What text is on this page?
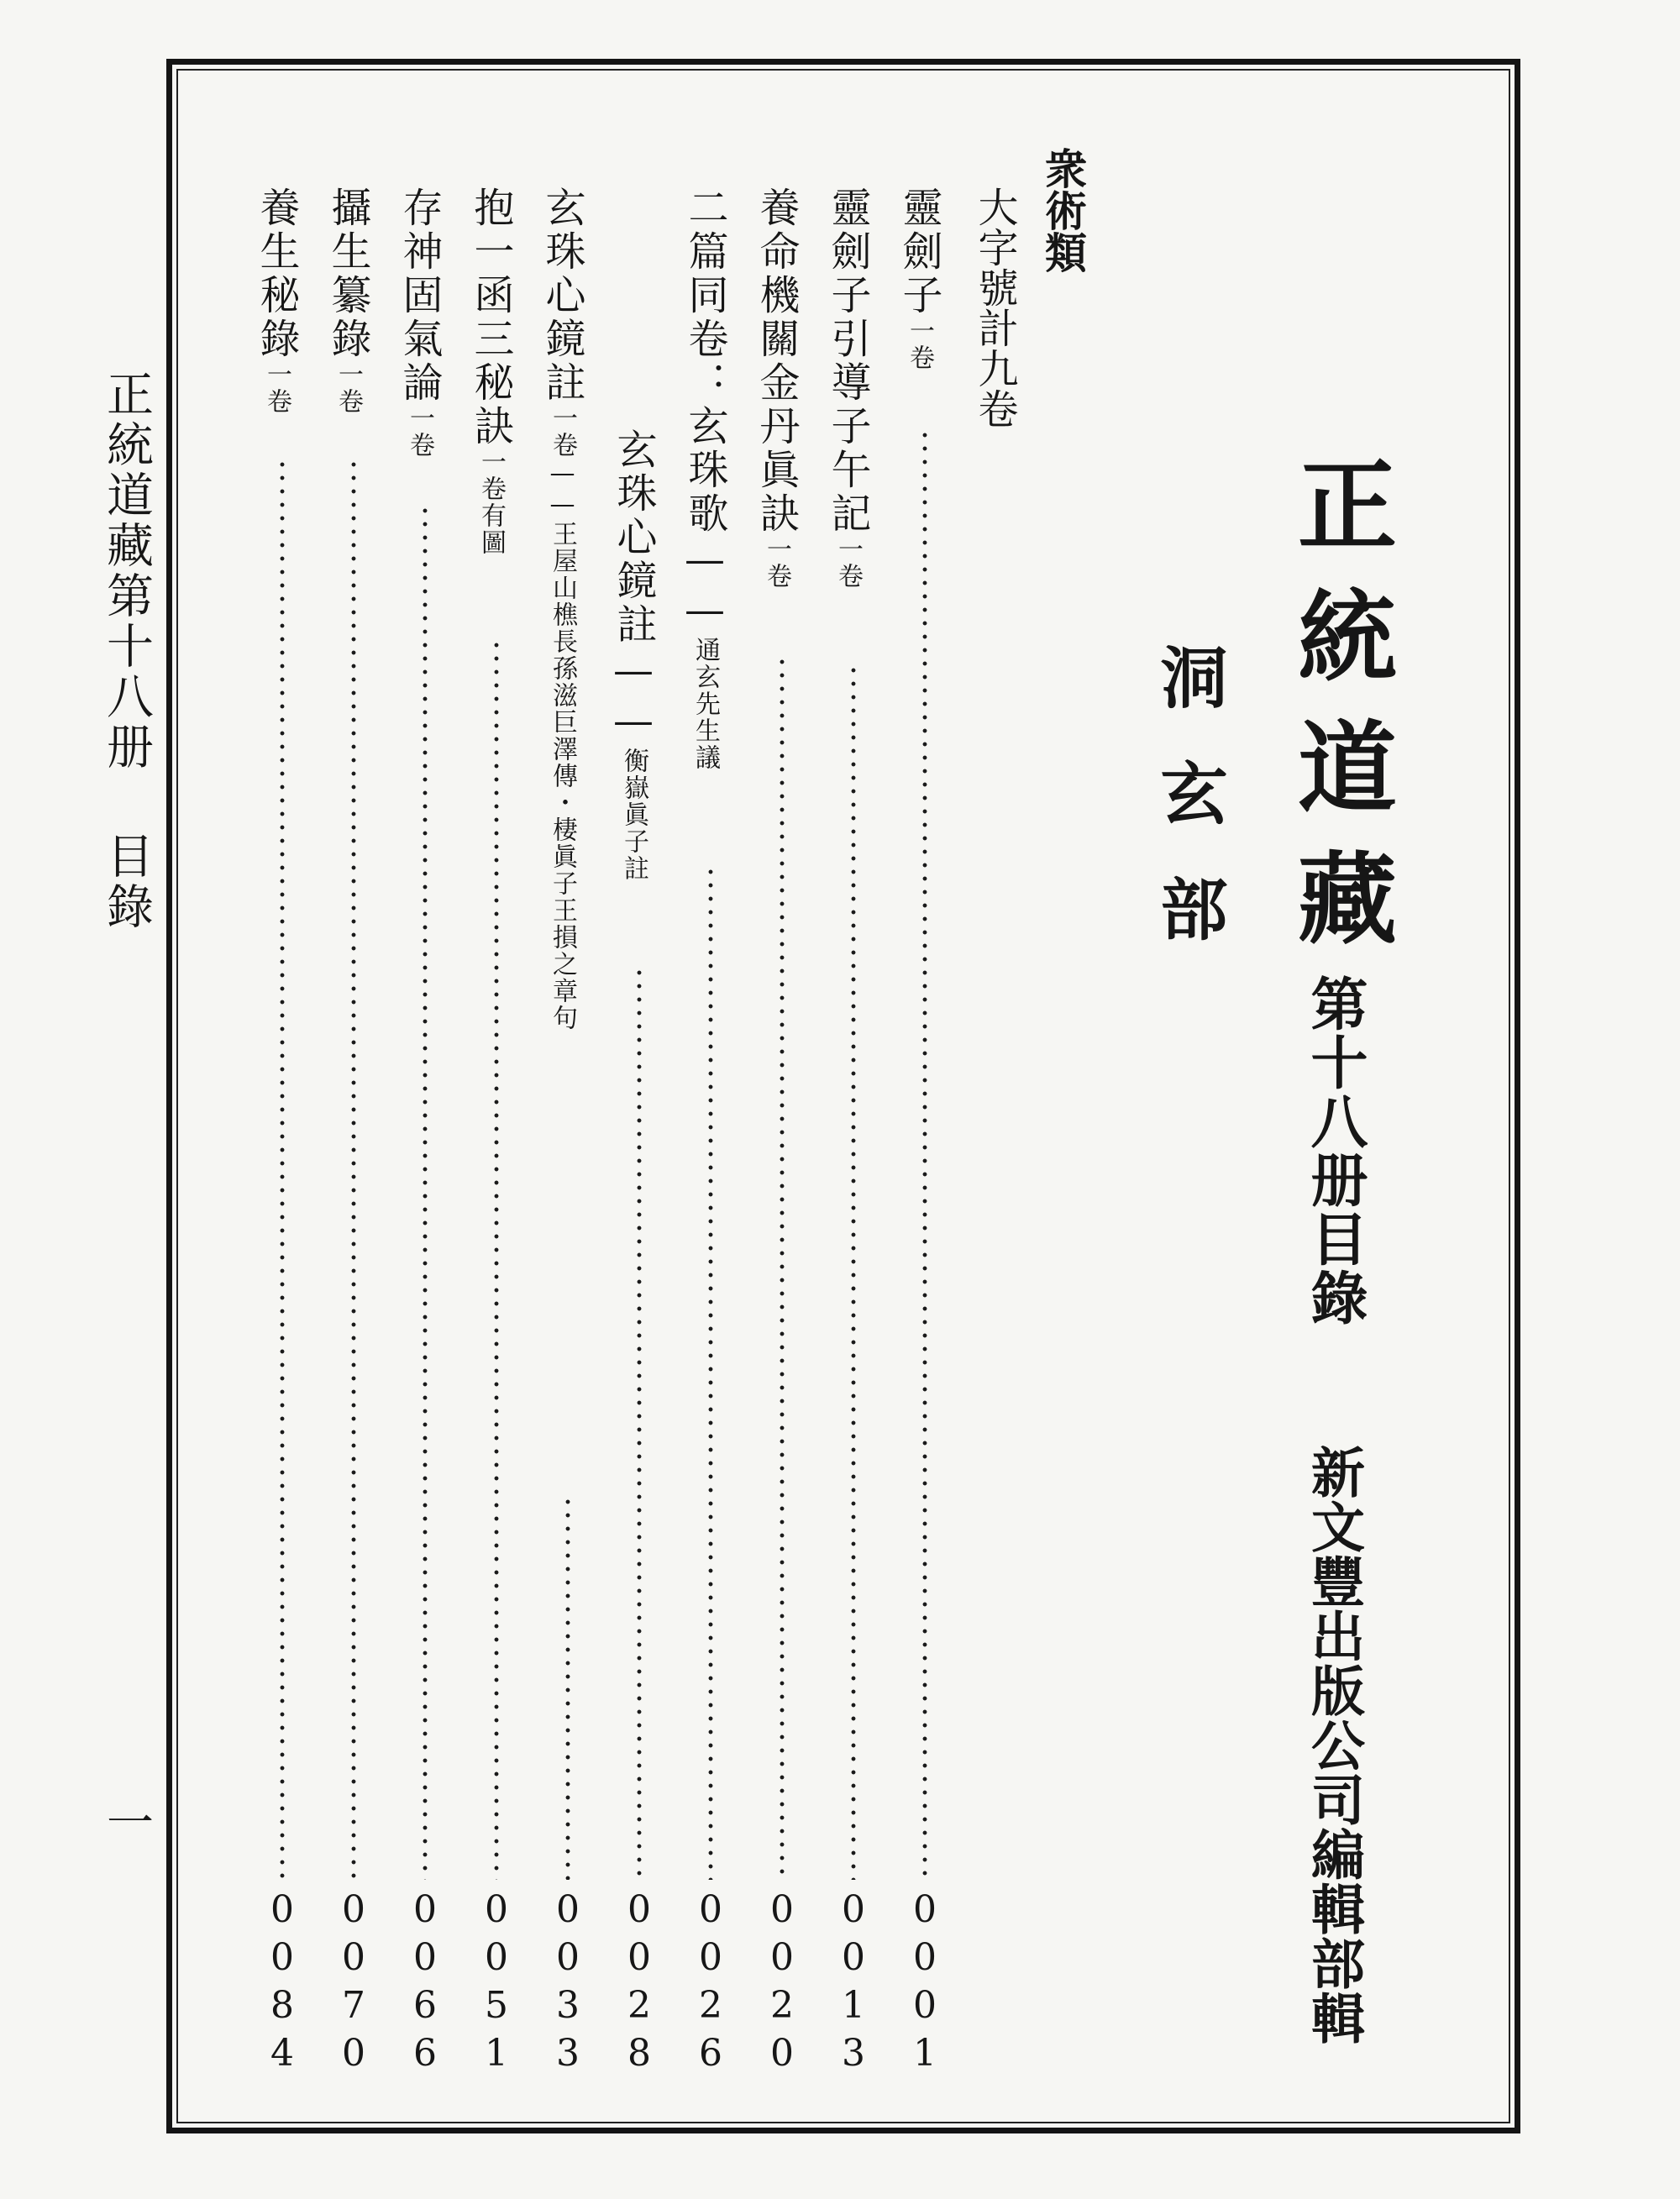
正統道藏第十八册目錄
一
正統道藏
第十八册目錄
新文豐出版公司編輯部輯
洞玄部
衆術類
大字號計九卷
靈劍子一卷
0
0
0
1
靈劍子引導子午記一卷
0
0
1
3
養命機關金丹眞訣一卷
0
0
2
0
二篇同卷：玄珠歌——通玄先生議
0
0
2
6
玄珠心鏡註——衡嶽眞子註
0
0
2
8
玄珠心鏡註一卷——王屋山樵長孫滋巨澤傳・棲眞子王損之章句
0
0
3
3
抱一函三秘訣一卷有圖
0
0
5
1
存神固氣論一卷
0
0
6
6
攝生纂錄一卷
0
0
7
0
養生秘錄一卷
0
0
8
4
